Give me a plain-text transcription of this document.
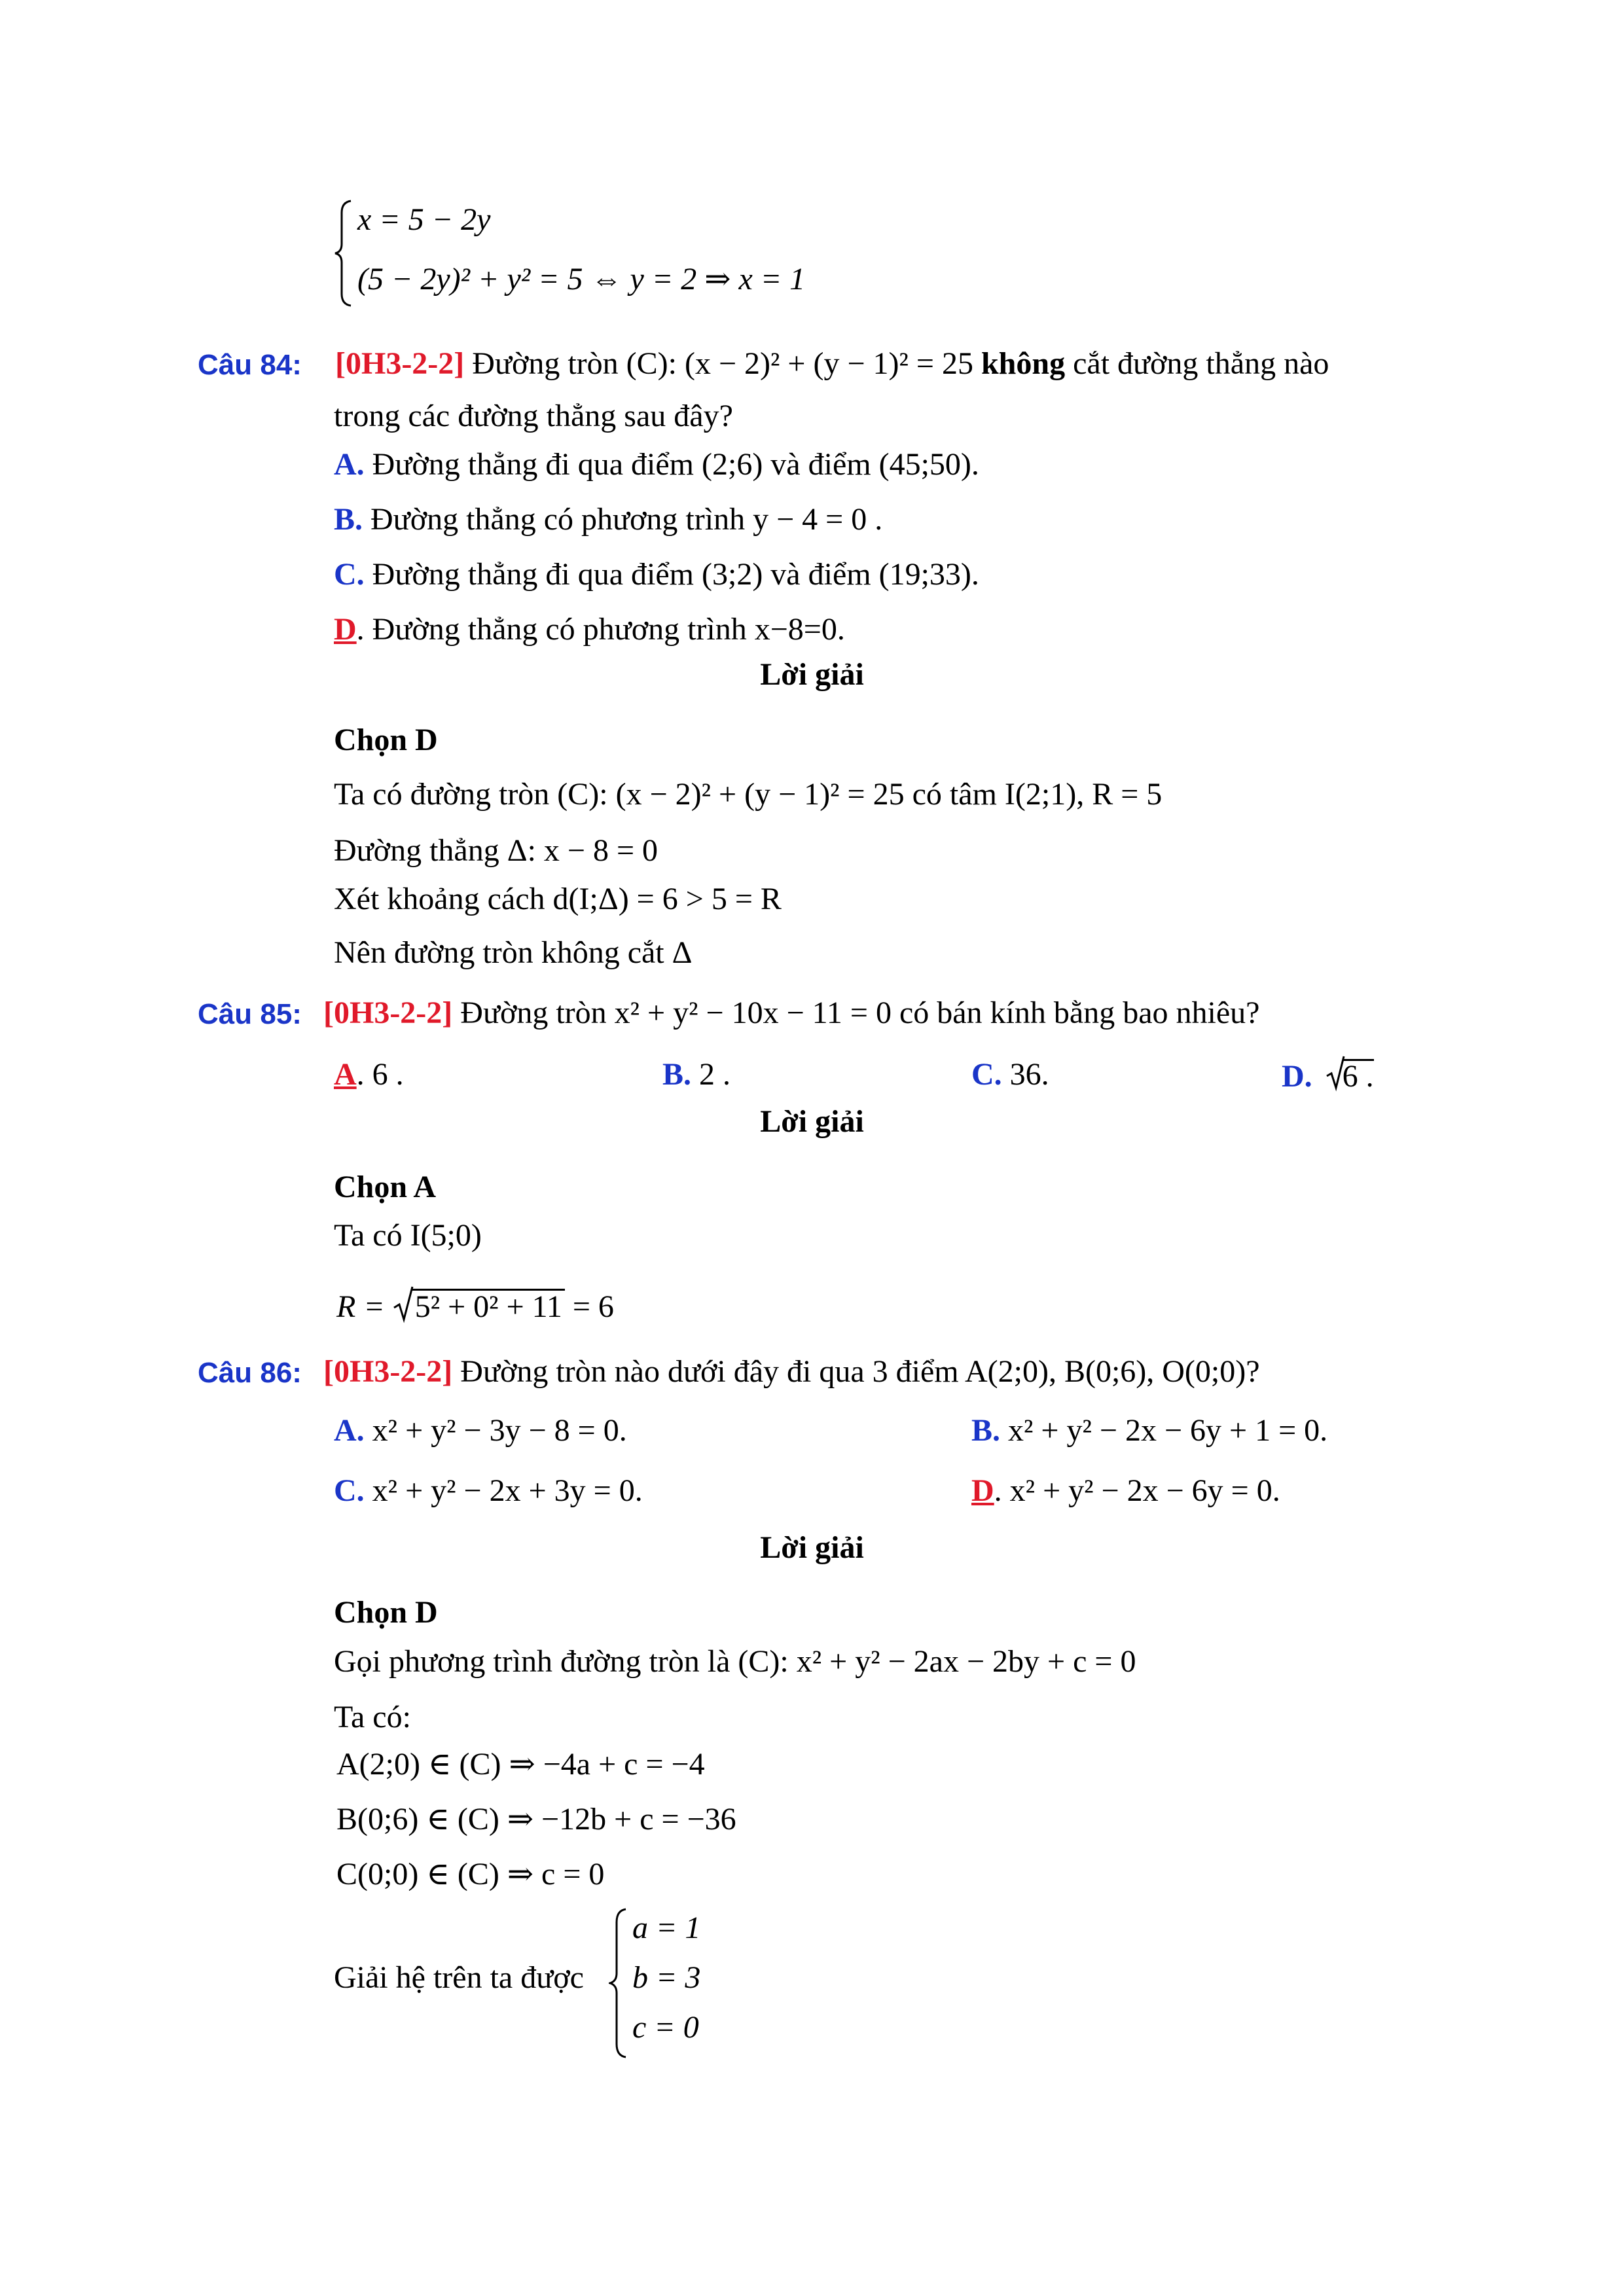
x = 5 − 2y
(5 − 2y)² + y² = 5 ⇔ y = 2 ⇒ x = 1
Câu 84: [0H3-2-2] Đường tròn (C): (x − 2)² + (y − 1)² = 25 không cắt đường thẳng nào
trong các đường thẳng sau đây?
A. Đường thẳng đi qua điểm (2;6) và điểm (45;50).
B. Đường thẳng có phương trình y − 4 = 0 .
C. Đường thẳng đi qua điểm (3;2) và điểm (19;33).
D. Đường thẳng có phương trình x−8=0.
Lời giải
Chọn D
Ta có đường tròn (C): (x − 2)² + (y − 1)² = 25 có tâm I(2;1), R = 5
Đường thẳng Δ: x − 8 = 0
Xét khoảng cách d(I;Δ) = 6 > 5 = R
Nên đường tròn không cắt Δ
Câu 85: [0H3-2-2] Đường tròn x² + y² − 10x − 11 = 0 có bán kính bằng bao nhiêu?
A. 6 .	B. 2 .	C. 36.	D. 6 .
Lời giải
Chọn A
Ta có I(5;0)
R = 5² + 0² + 11 = 6
Câu 86: [0H3-2-2] Đường tròn nào dưới đây đi qua 3 điểm A(2;0), B(0;6), O(0;0)?
A. x² + y² − 3y − 8 = 0.	B. x² + y² − 2x − 6y + 1 = 0.
C. x² + y² − 2x + 3y = 0.	D. x² + y² − 2x − 6y = 0.
Lời giải
Chọn D
Gọi phương trình đường tròn là (C): x² + y² − 2ax − 2by + c = 0
Ta có:
A(2;0) ∈ (C) ⇒ −4a + c = −4
B(0;6) ∈ (C) ⇒ −12b + c = −36
C(0;0) ∈ (C) ⇒ c = 0
Giải hệ trên ta được
a = 1
b = 3
c = 0
